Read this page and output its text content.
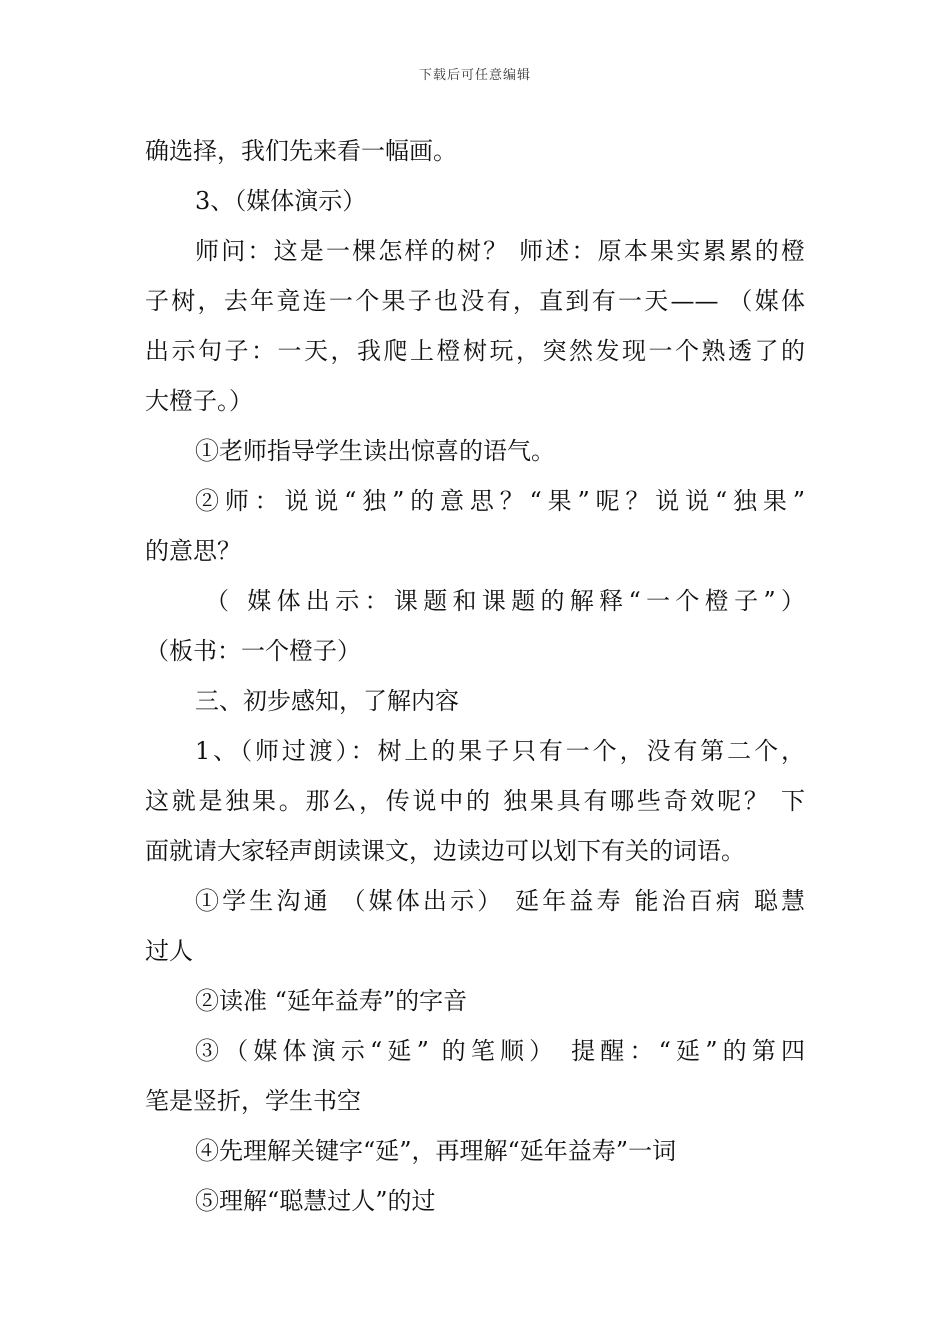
下载后可任意编辑
确选择，我们先来看一幅画。
3、（媒体演示）
师问：这是一棵怎样的树？ 师述：原本果实累累的橙
子树，去年竟连一个果子也没有，直到有一天—— （媒体
出示句子：一天，我爬上橙树玩，突然发现一个熟透了的
大橙子。）
①老师指导学生读出惊喜的语气。
②师：说说“独”的意思？“果”呢？说说“独果”
的意思？
（ 媒体出示：课题和课题的解释“一个橙子”）
（板书：一个橙子）
三、初步感知，了解内容
1、（师过渡）：树上的果子只有一个，没有第二个，
这就是独果。那么，传说中的 独果具有哪些奇效呢？ 下
面就请大家轻声朗读课文，边读边可以划下有关的词语。
①学生沟通 （媒体出示） 延年益寿 能治百病 聪慧
过人
②读准 “延年益寿”的字音
③（媒体演示“延” 的笔顺） 提醒：“延”的第四
笔是竖折，学生书空
④先理解关键字“延”，再理解“延年益寿”一词
⑤理解“聪慧过人”的过
